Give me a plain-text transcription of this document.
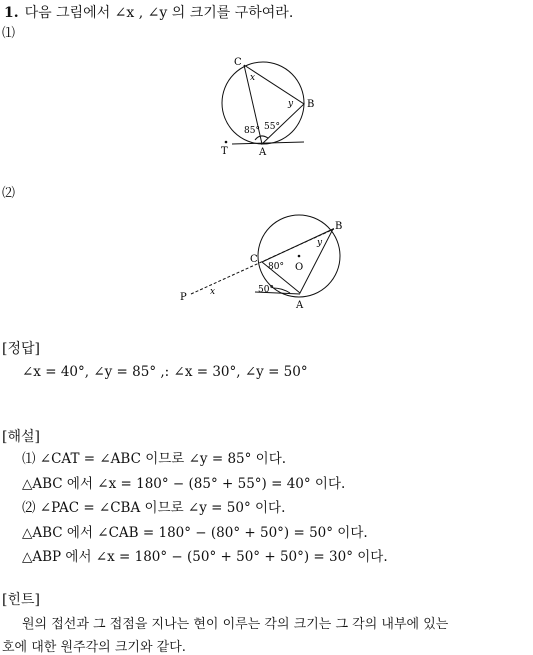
1. 다음 그림에서 ∠x , ∠y 의 크기를 구하여라.
⑴
C
B
A
T
x
y
85° 55°
⑵
B
C
O
P
A
x
y
80°
50°
[정답]
∠x = 40°, ∠y = 85° ,: ∠x = 30°, ∠y = 50°
[해설]
⑴ ∠CAT = ∠ABC 이므로 ∠y = 85° 이다.
△ABC 에서 ∠x = 180° − (85° + 55°) = 40° 이다.
⑵ ∠PAC = ∠CBA 이므로 ∠y = 50° 이다.
△ABC 에서 ∠CAB = 180° − (80° + 50°) = 50° 이다.
△ABP 에서 ∠x = 180° − (50° + 50° + 50°) = 30° 이다.
[힌트]
원의 접선과 그 접점을 지나는 현이 이루는 각의 크기는 그 각의 내부에 있는
호에 대한 원주각의 크기와 같다.
